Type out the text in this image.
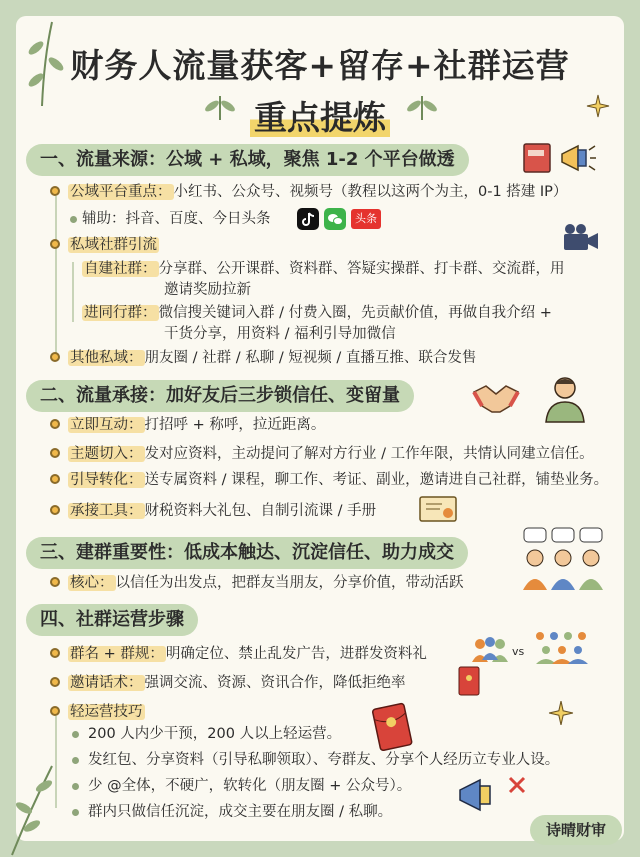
财务人流量获客+留存+社群运营
重点提炼
一、流量来源：公域 + 私域，聚焦 1-2 个平台做透
公域平台重点： 小红书、公众号、视频号（教程以这两个为主，0-1 搭建 IP）
辅助：抖音、百度、今日头条	头条
私域社群引流
自建社群： 分享群、公开课群、资料群、答疑实操群、打卡群、交流群，用
邀请奖励拉新
进同行群： 微信搜关键词入群 / 付费入圈，先贡献价值，再做自我介绍 +
干货分享，用资料 / 福利引导加微信
其他私域： 朋友圈 / 社群 / 私聊 / 短视频 / 直播互推、联合发售
二、流量承接：加好友后三步锁信任、变留量
立即互动： 打招呼 + 称呼，拉近距离。
主题切入： 发对应资料，主动提问了解对方行业 / 工作年限，共情认同建立信任。
引导转化： 送专属资料 / 课程，聊工作、考证、副业，邀请进自己社群，铺垫业务。
承接工具： 财税资料大礼包、自制引流课 / 手册
三、建群重要性：低成本触达、沉淀信任、助力成交
核心： 以信任为出发点，把群友当朋友，分享价值，带动活跃
四、社群运营步骤
群名 + 群规： 明确定位、禁止乱发广告，进群发资料礼	vs
邀请话术： 强调交流、资源、资讯合作，降低拒绝率
轻运营技巧
200 人内少干预，200 人以上轻运营。
发红包、分享资料（引导私聊领取）、夸群友、分享个人经历立专业人设。
少 @全体，不硬广，软转化（朋友圈 + 公众号）。
群内只做信任沉淀，成交主要在朋友圈 / 私聊。
诗晴财审
